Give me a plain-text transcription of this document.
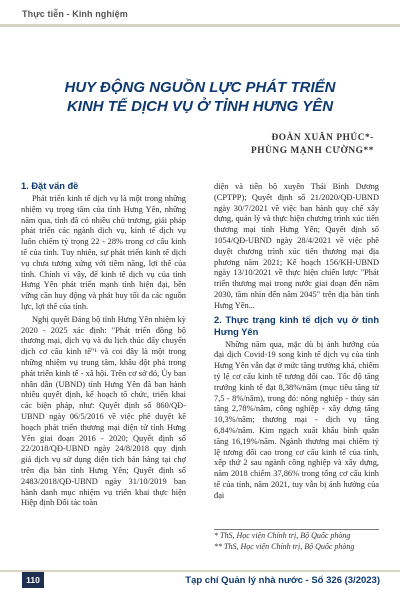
Thực tiễn - Kinh nghiệm
HUY ĐỘNG NGUỒN LỰC PHÁT TRIỂN
KINH TẾ DỊCH VỤ Ở TỈNH HƯNG YÊN
ĐOÀN XUÂN PHÚC*-
PHÙNG MẠNH CƯỜNG**

1. Đặt vấn đề

Phát triển kinh tế dịch vụ là một trong những nhiệm vụ trọng tâm của tỉnh Hưng Yên, những năm qua, tỉnh đã có nhiều chủ trương, giải pháp phát triển các ngành dịch vụ, kinh tế dịch vụ luôn chiếm tỷ trọng 22 - 28% trong cơ cấu kinh tế của tỉnh. Tuy nhiên, sự phát triển kinh tế dịch vụ chưa tương xứng với tiềm năng, lợi thế của tỉnh. Chính vì vậy, để kinh tế dịch vụ của tỉnh Hưng Yên phát triển mạnh tỉnh hiện đại, bền vững cần huy động và phát huy tối đa các nguồn lực, lợi thế của tỉnh.

Nghị quyết Đảng bộ tỉnh Hưng Yên nhiệm kỳ 2020 - 2025 xác định: "Phát triển đồng bộ thương mại, dịch vụ và du lịch thúc đẩy chuyển dịch cơ cấu kinh tế"¹ và coi đây là một trong những nhiệm vụ trung tâm, khâu đột phá trong phát triển kinh tế - xã hội. Trên cơ sở đó, Ủy ban nhân dân (UBND) tỉnh Hưng Yên đã ban hành nhiều quyết định, kế hoạch tổ chức, triển khai các biện pháp, như: Quyết định số 860/QĐ-UBND ngày 06/5/2016 về việc phê duyệt kế hoạch phát triển thương mại điện tử tỉnh Hưng Yên giai đoạn 2016 - 2020; Quyết định số 22/2018/QĐ-UBND ngày 24/8/2018 quy định giá dịch vụ sử dụng diện tích bán hàng tại chợ trên địa bàn tỉnh Hưng Yên; Quyết định số 2483/2018/QĐ-UBND ngày 31/10/2019 ban hành danh mục nhiệm vụ triển khai thực hiện Hiệp định Đối tác toàn

diện và tiến bộ xuyên Thái Bình Dương (CPTPP); Quyết định số 21/2020/QĐ-UBND ngày 30/7/2021 về việc ban hành quy chế xây dựng, quản lý và thực hiện chương trình xúc tiến thương mại tỉnh Hưng Yên; Quyết định số 1054/QĐ-UBND ngày 28/4/2021 về việc phê duyệt chương trình xúc tiến thương mại địa phương năm 2021; Kế hoạch 156/KH-UBND ngày 13/10/2021 về thực hiện chiến lược "Phát triển thương mại trong nước giai đoạn đến năm 2030, tầm nhìn đến năm 2045" trên địa bàn tỉnh Hưng Yên...

2. Thực trạng kinh tế dịch vụ ở tỉnh Hưng Yên

Những năm qua, mặc dù bị ảnh hưởng của đại dịch Covid-19 song kinh tế dịch vụ của tỉnh Hưng Yên vẫn đạt ở mức tăng trưởng khá, chiếm tỷ lệ cơ cấu kinh tế tương đối cao. Tốc độ tăng trưởng kinh tế đạt 8,38%/năm (mục tiêu tăng từ 7,5 - 8%/năm), trong đó: nông nghiệp - thủy sản tăng 2,78%/năm, công nghiệp - xây dựng tăng 10,3%/năm; thương mại - dịch vụ tăng 6,84%/năm. Kim ngạch xuất khẩu bình quân tăng 16,19%/năm. Ngành thương mại chiếm tỷ lệ tương đối cao trong cơ cấu kinh tế của tỉnh, xếp thứ 2 sau ngành công nghiệp và xây dựng, năm 2018 chiếm 37,86% trong tổng cơ cấu kinh tế của tỉnh, năm 2021, tuy vẫn bị ảnh hưởng của đại

* ThS, Học viện Chính trị, Bộ Quốc phòng
** ThS, Học viện Chính trị, Bộ Quốc phòng
110	Tạp chí Quản lý nhà nước - Số 326 (3/2023)
